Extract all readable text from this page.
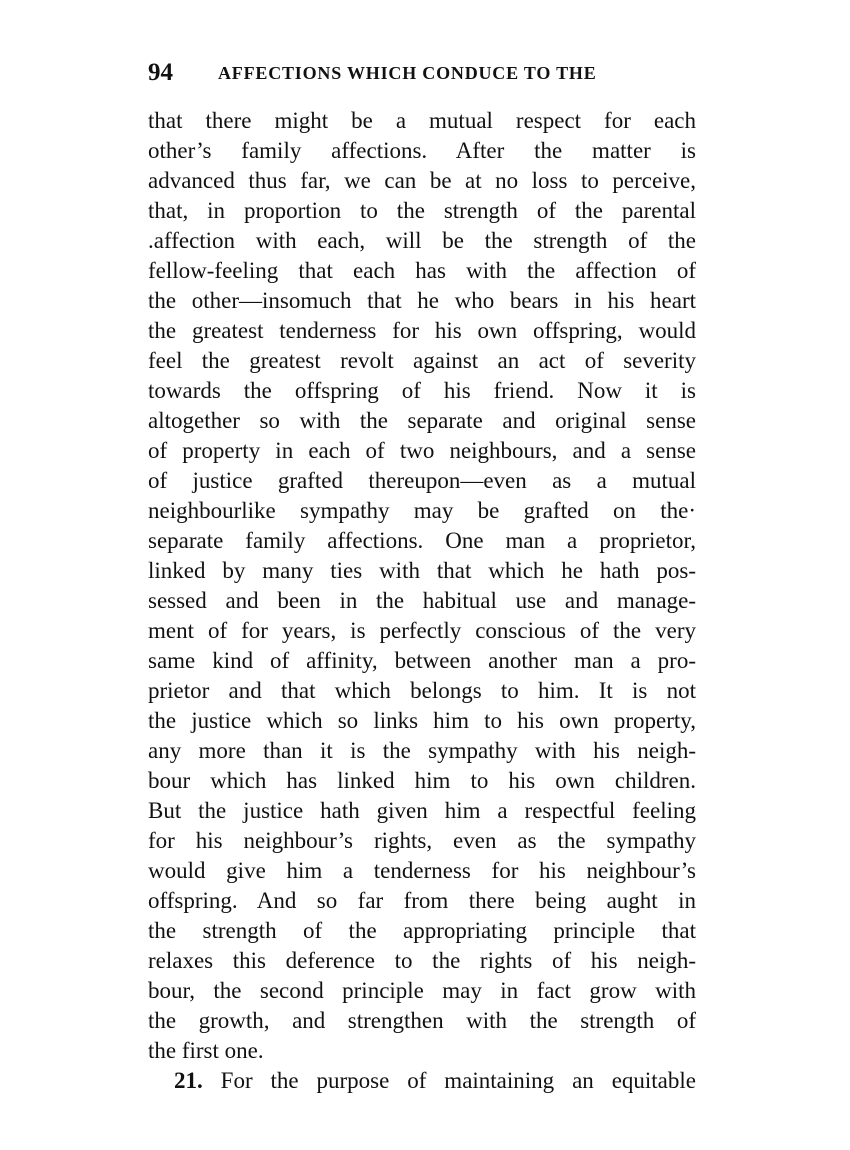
94	AFFECTIONS WHICH CONDUCE TO THE
that there might be a mutual respect for each
other’s family affections. After the matter is
advanced thus far, we can be at no loss to perceive,
that, in proportion to the strength of the parental
.affection with each, will be the strength of the
fellow-feeling that each has with the affection of
the other—insomuch that he who bears in his heart
the greatest tenderness for his own offspring, would
feel the greatest revolt against an act of severity
towards the offspring of his friend. Now it is
altogether so with the separate and original sense
of property in each of two neighbours, and a sense
of justice grafted thereupon—even as a mutual
neighbourlike sympathy may be grafted on the·
separate family affections. One man a proprietor,
linked by many ties with that which he hath pos-
sessed and been in the habitual use and manage-
ment of for years, is perfectly conscious of the very
same kind of affinity, between another man a pro-
prietor and that which belongs to him. It is not
the justice which so links him to his own property,
any more than it is the sympathy with his neigh-
bour which has linked him to his own children.
But the justice hath given him a respectful feeling
for his neighbour’s rights, even as the sympathy
would give him a tenderness for his neighbour’s
offspring. And so far from there being aught in
the strength of the appropriating principle that
relaxes this deference to the rights of his neigh-
bour, the second principle may in fact grow with
the growth, and strengthen with the strength of
the first one.
21. For the purpose of maintaining an equitable
